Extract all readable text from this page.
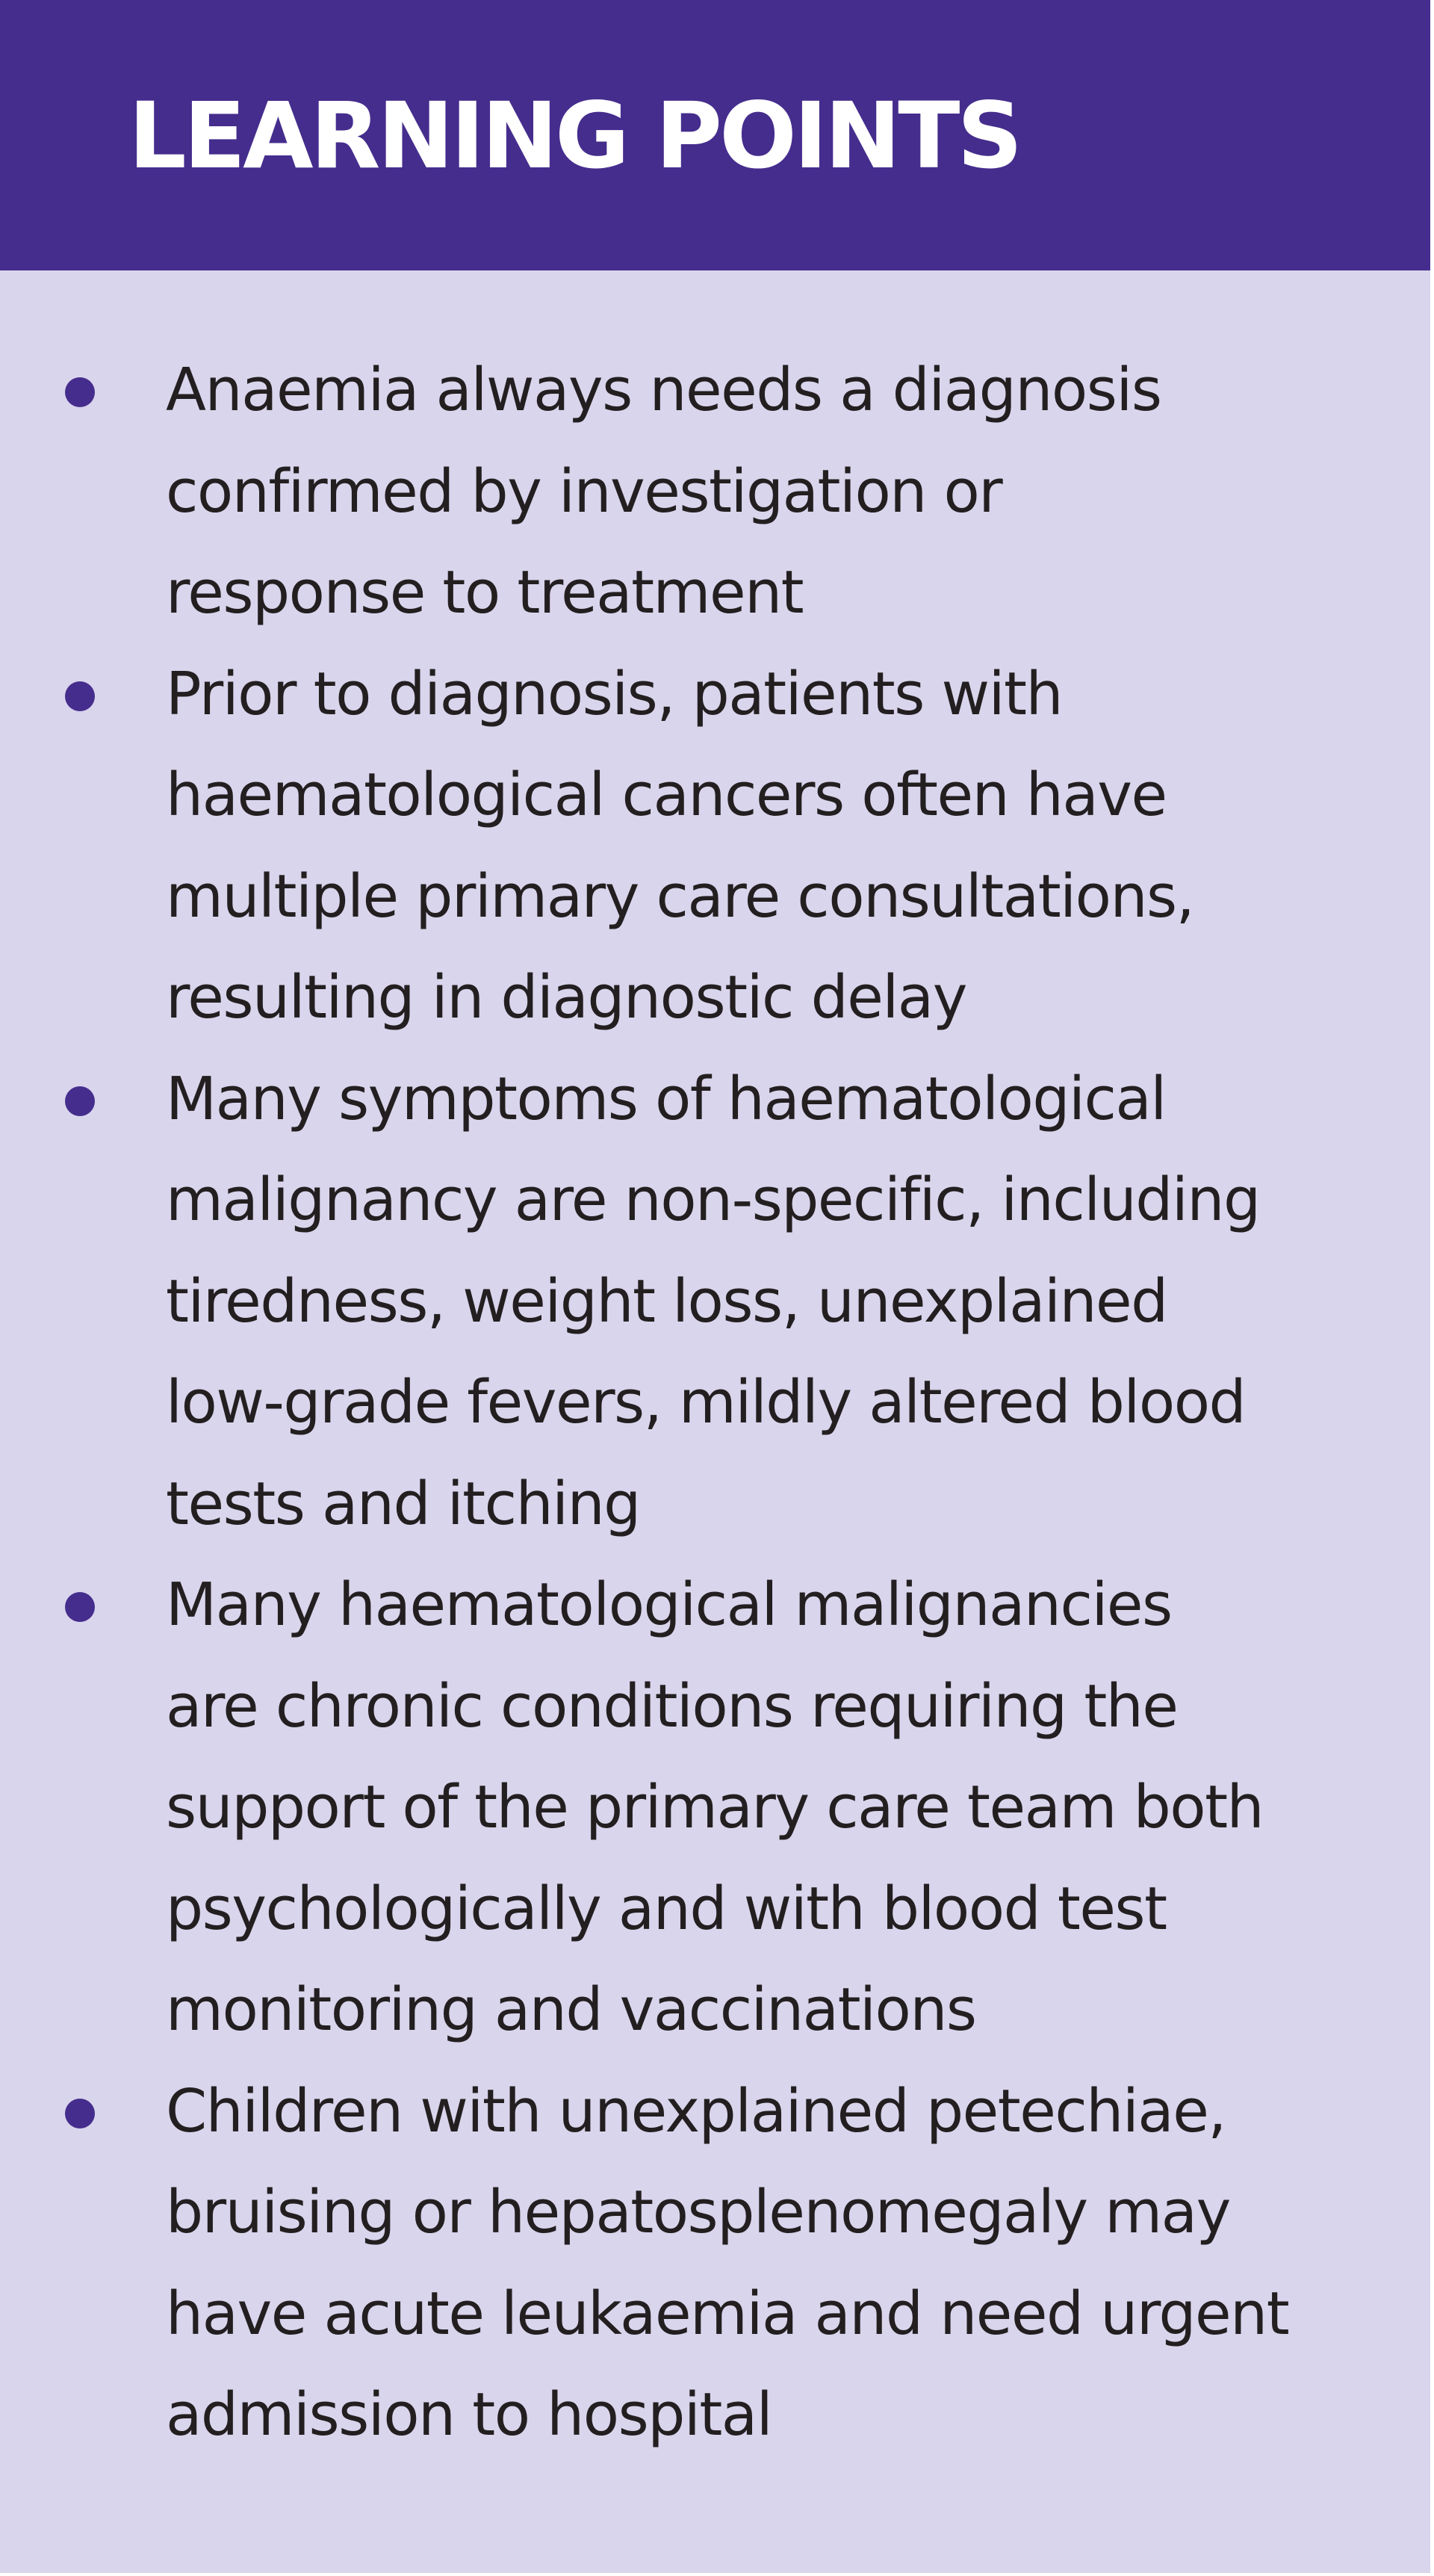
LEARNING POINTS
Anaemia always needs a diagnosis
confirmed by investigation or
response to treatment
Prior to diagnosis, patients with
haematological cancers often have
multiple primary care consultations,
resulting in diagnostic delay
Many symptoms of haematological
malignancy are non-specific, including
tiredness, weight loss, unexplained
low-grade fevers, mildly altered blood
tests and itching
Many haematological malignancies
are chronic conditions requiring the
support of the primary care team both
psychologically and with blood test
monitoring and vaccinations
Children with unexplained petechiae,
bruising or hepatosplenomegaly may
have acute leukaemia and need urgent
admission to hospital
